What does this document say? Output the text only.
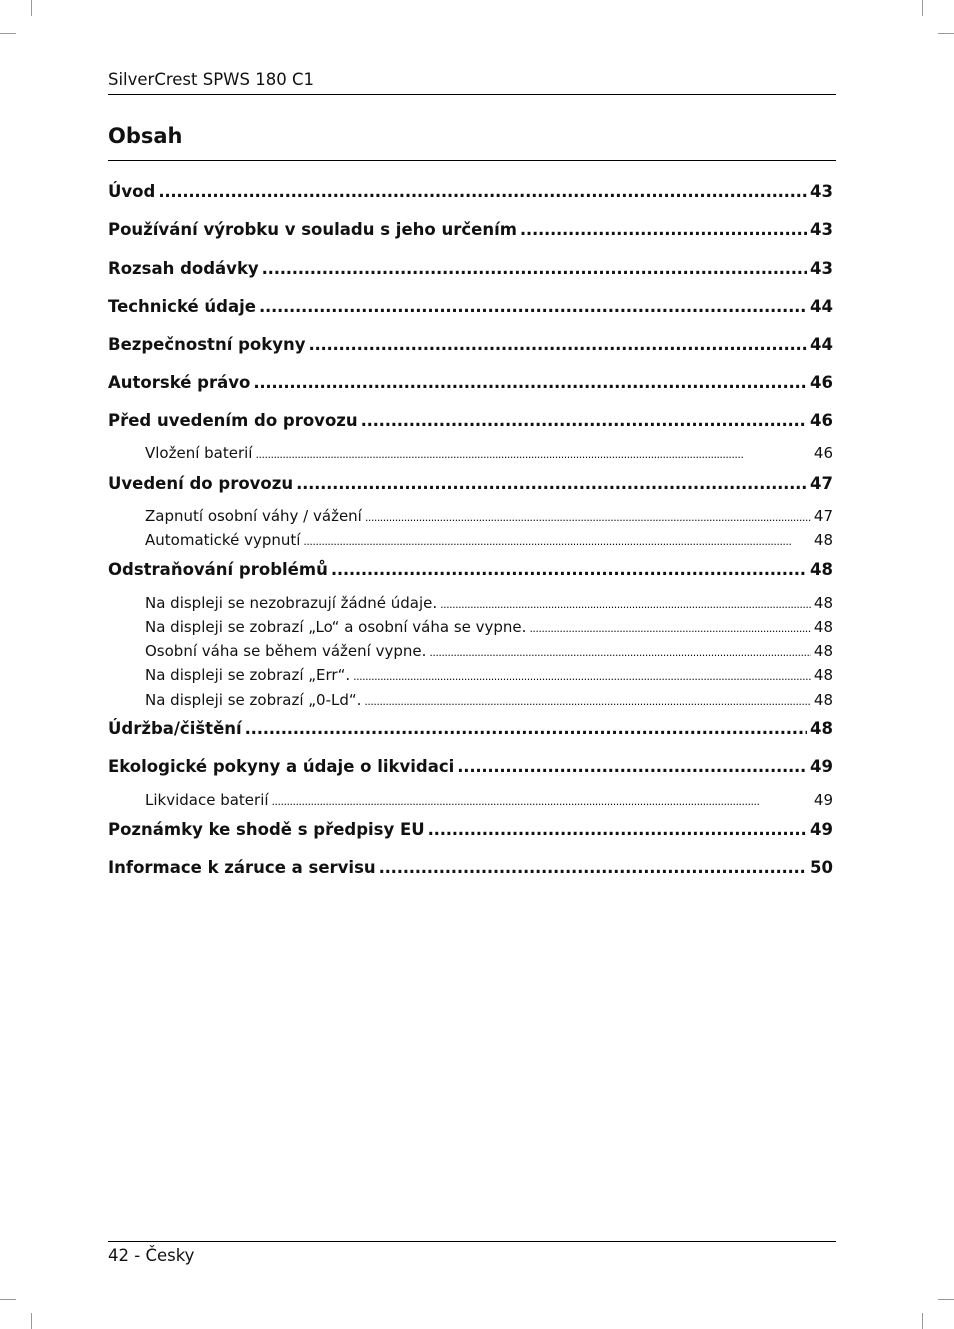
SilverCrest SPWS 180 C1
Obsah
Úvod . . .	43
Používání výrobku v souladu s jeho určením . . .	43
Rozsah dodávky . . .	43
Technické údaje . . .	44
Bezpečnostní pokyny . . .	44
Autorské právo . . .	46
Před uvedením do provozu . . .	46
Vložení baterií . . .	46
Uvedení do provozu . . .	47
Zapnutí osobní váhy / vážení . . .	47
Automatické vypnutí . . .	48
Odstraňování problémů . . .	48
Na displeji se nezobrazují žádné údaje. . . .	48
Na displeji se zobrazí „Lo“ a osobní váha se vypne. . . .	48
Osobní váha se během vážení vypne. . . .	48
Na displeji se zobrazí „Err“. . . .	48
Na displeji se zobrazí „0-Ld“. . . .	48
Údržba/čištění . . .	48
Ekologické pokyny a údaje o likvidaci . . .	49
Likvidace baterií . . .	49
Poznámky ke shodě s předpisy EU . . .	49
Informace k záruce a servisu . . .	50
42 - Česky
